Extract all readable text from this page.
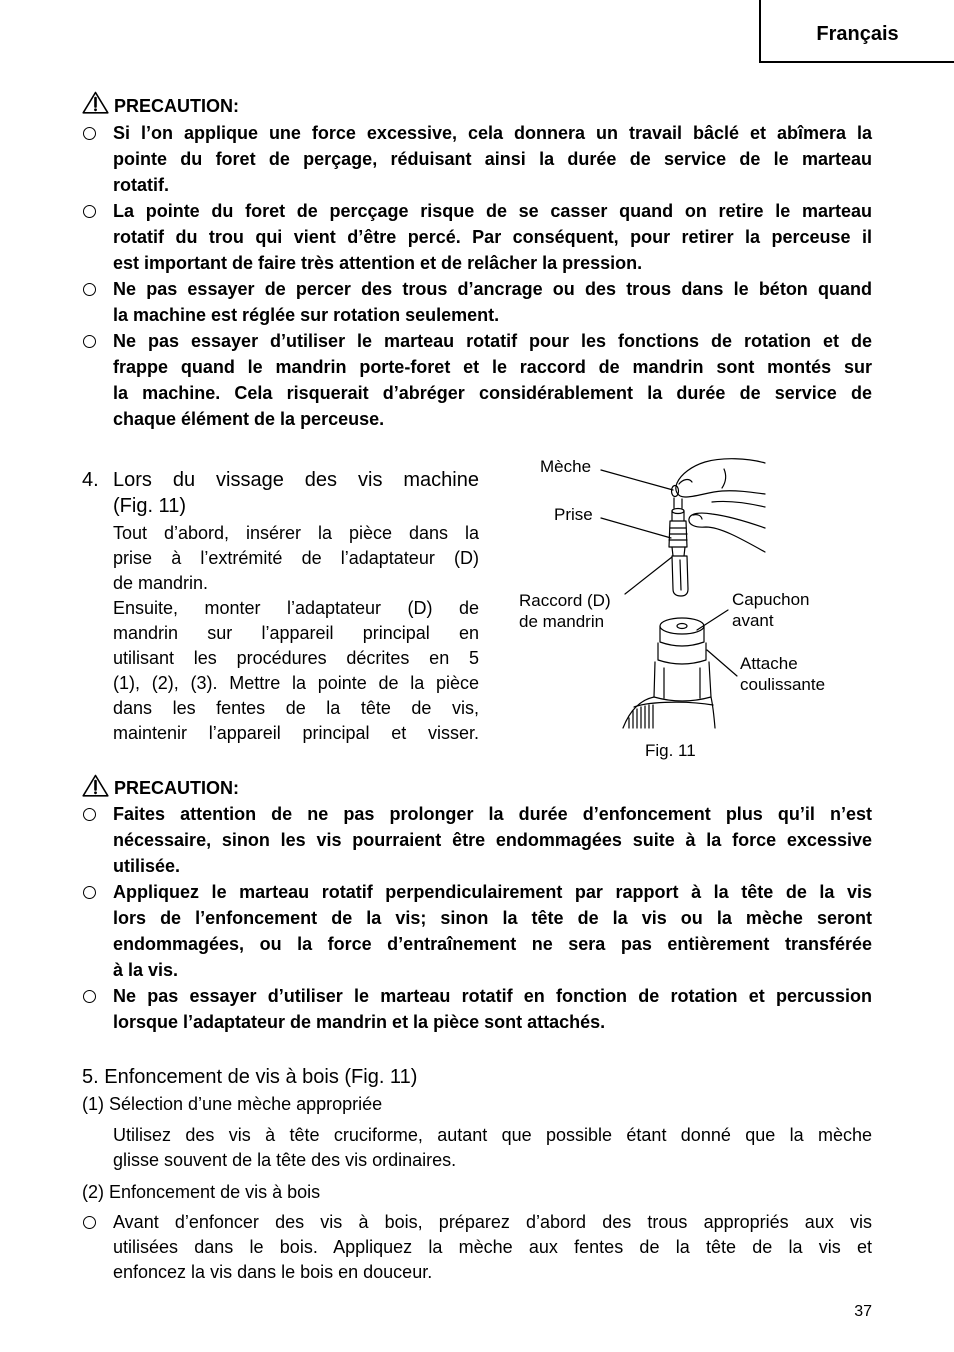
Français
PRECAUTION:
Si l’on applique une force excessive, cela donnera un travail bâclé et abîmera la
pointe du foret de perçage, réduisant ainsi la durée de service de le marteau
rotatif.
La pointe du foret de percçage risque de se casser quand on retire le marteau
rotatif du trou qui vient d’être percé. Par conséquent, pour retirer la perceuse il
est important de faire très attention et de relâcher la pression.
Ne pas essayer de percer des trous d’ancrage ou des trous dans le béton quand
la machine est réglée sur rotation seulement.
Ne pas essayer d’utiliser le marteau rotatif pour les fonctions de rotation et de
frappe quand le mandrin porte-foret et le raccord de mandrin sont montés sur
la machine. Cela risquerait d’abréger considérablement la durée de service de
chaque élément de la perceuse.
4. Lors du vissage des vis machine
(Fig. 11)
Tout d’abord, insérer la pièce dans la
prise à l’extrémité de l’adaptateur (D)
de mandrin.
Ensuite, monter l’adaptateur (D) de
mandrin sur l’appareil principal en
utilisant les procédures décrites en 5
(1), (2), (3). Mettre la pointe de la pièce
dans les fentes de la tête de vis,
maintenir l’appareil principal et visser.
Mèche
Prise
Raccord (D)
de mandrin
Capuchon
avant
Attache
coulissante
Fig. 11
PRECAUTION:
Faites attention de ne pas prolonger la durée d’enfoncement plus qu’il n’est
nécessaire, sinon les vis pourraient être endommagées suite à la force excessive
utilisée.
Appliquez le marteau rotatif perpendiculairement par rapport à la tête de la vis
lors de l’enfoncement de la vis; sinon la tête de la vis ou la mèche seront
endommagées, ou la force d’entraînement ne sera pas entièrement transférée
à la vis.
Ne pas essayer d’utiliser le marteau rotatif en fonction de rotation et percussion
lorsque l’adaptateur de mandrin et la pièce sont attachés.
5. Enfoncement de vis à bois (Fig. 11)
(1) Sélection d’une mèche appropriée
Utilisez des vis à tête cruciforme, autant que possible étant donné que la mèche
glisse souvent de la tête des vis ordinaires.
(2) Enfoncement de vis à bois
Avant d’enfoncer des vis à bois, préparez d’abord des trous appropriés aux vis
utilisées dans le bois. Appliquez la mèche aux fentes de la tête de la vis et
enfoncez la vis dans le bois en douceur.
37
